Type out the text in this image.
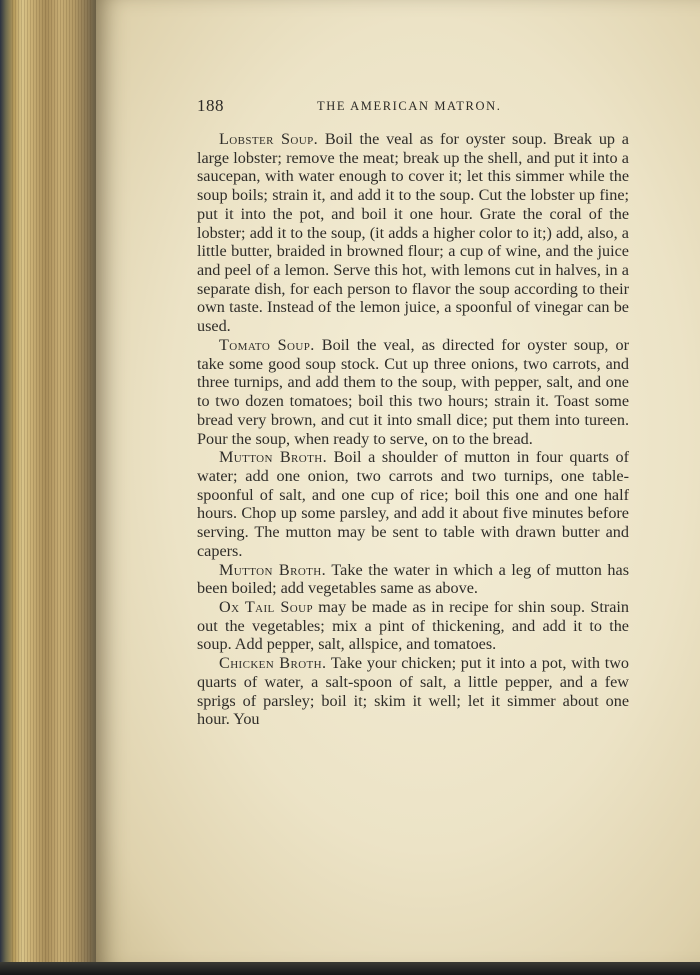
188	THE AMERICAN MATRON.

Lobster Soup. Boil the veal as for oyster soup. Break up a large lobster; remove the meat; break up the shell, and put it into a saucepan, with water enough to cover it; let this simmer while the soup boils; strain it, and add it to the soup. Cut the lobster up fine; put it into the pot, and boil it one hour. Grate the coral of the lobster; add it to the soup, (it adds a higher color to it;) add, also, a little butter, braided in browned flour; a cup of wine, and the juice and peel of a lemon. Serve this hot, with lemons cut in halves, in a separate dish, for each person to flavor the soup according to their own taste. Instead of the lemon juice, a spoonful of vinegar can be used.

Tomato Soup. Boil the veal, as directed for oyster soup, or take some good soup stock. Cut up three onions, two carrots, and three turnips, and add them to the soup, with pepper, salt, and one to two dozen tomatoes; boil this two hours; strain it. Toast some bread very brown, and cut it into small dice; put them into tureen. Pour the soup, when ready to serve, on to the bread.

Mutton Broth. Boil a shoulder of mutton in four quarts of water; add one onion, two carrots and two turnips, one table-spoonful of salt, and one cup of rice; boil this one and one half hours. Chop up some parsley, and add it about five minutes before serving. The mutton may be sent to table with drawn butter and capers.

Mutton Broth. Take the water in which a leg of mutton has been boiled; add vegetables same as above.

Ox Tail Soup may be made as in recipe for shin soup. Strain out the vegetables; mix a pint of thickening, and add it to the soup. Add pepper, salt, allspice, and tomatoes.

Chicken Broth. Take your chicken; put it into a pot, with two quarts of water, a salt-spoon of salt, a little pepper, and a few sprigs of parsley; boil it; skim it well; let it simmer about one hour. You
